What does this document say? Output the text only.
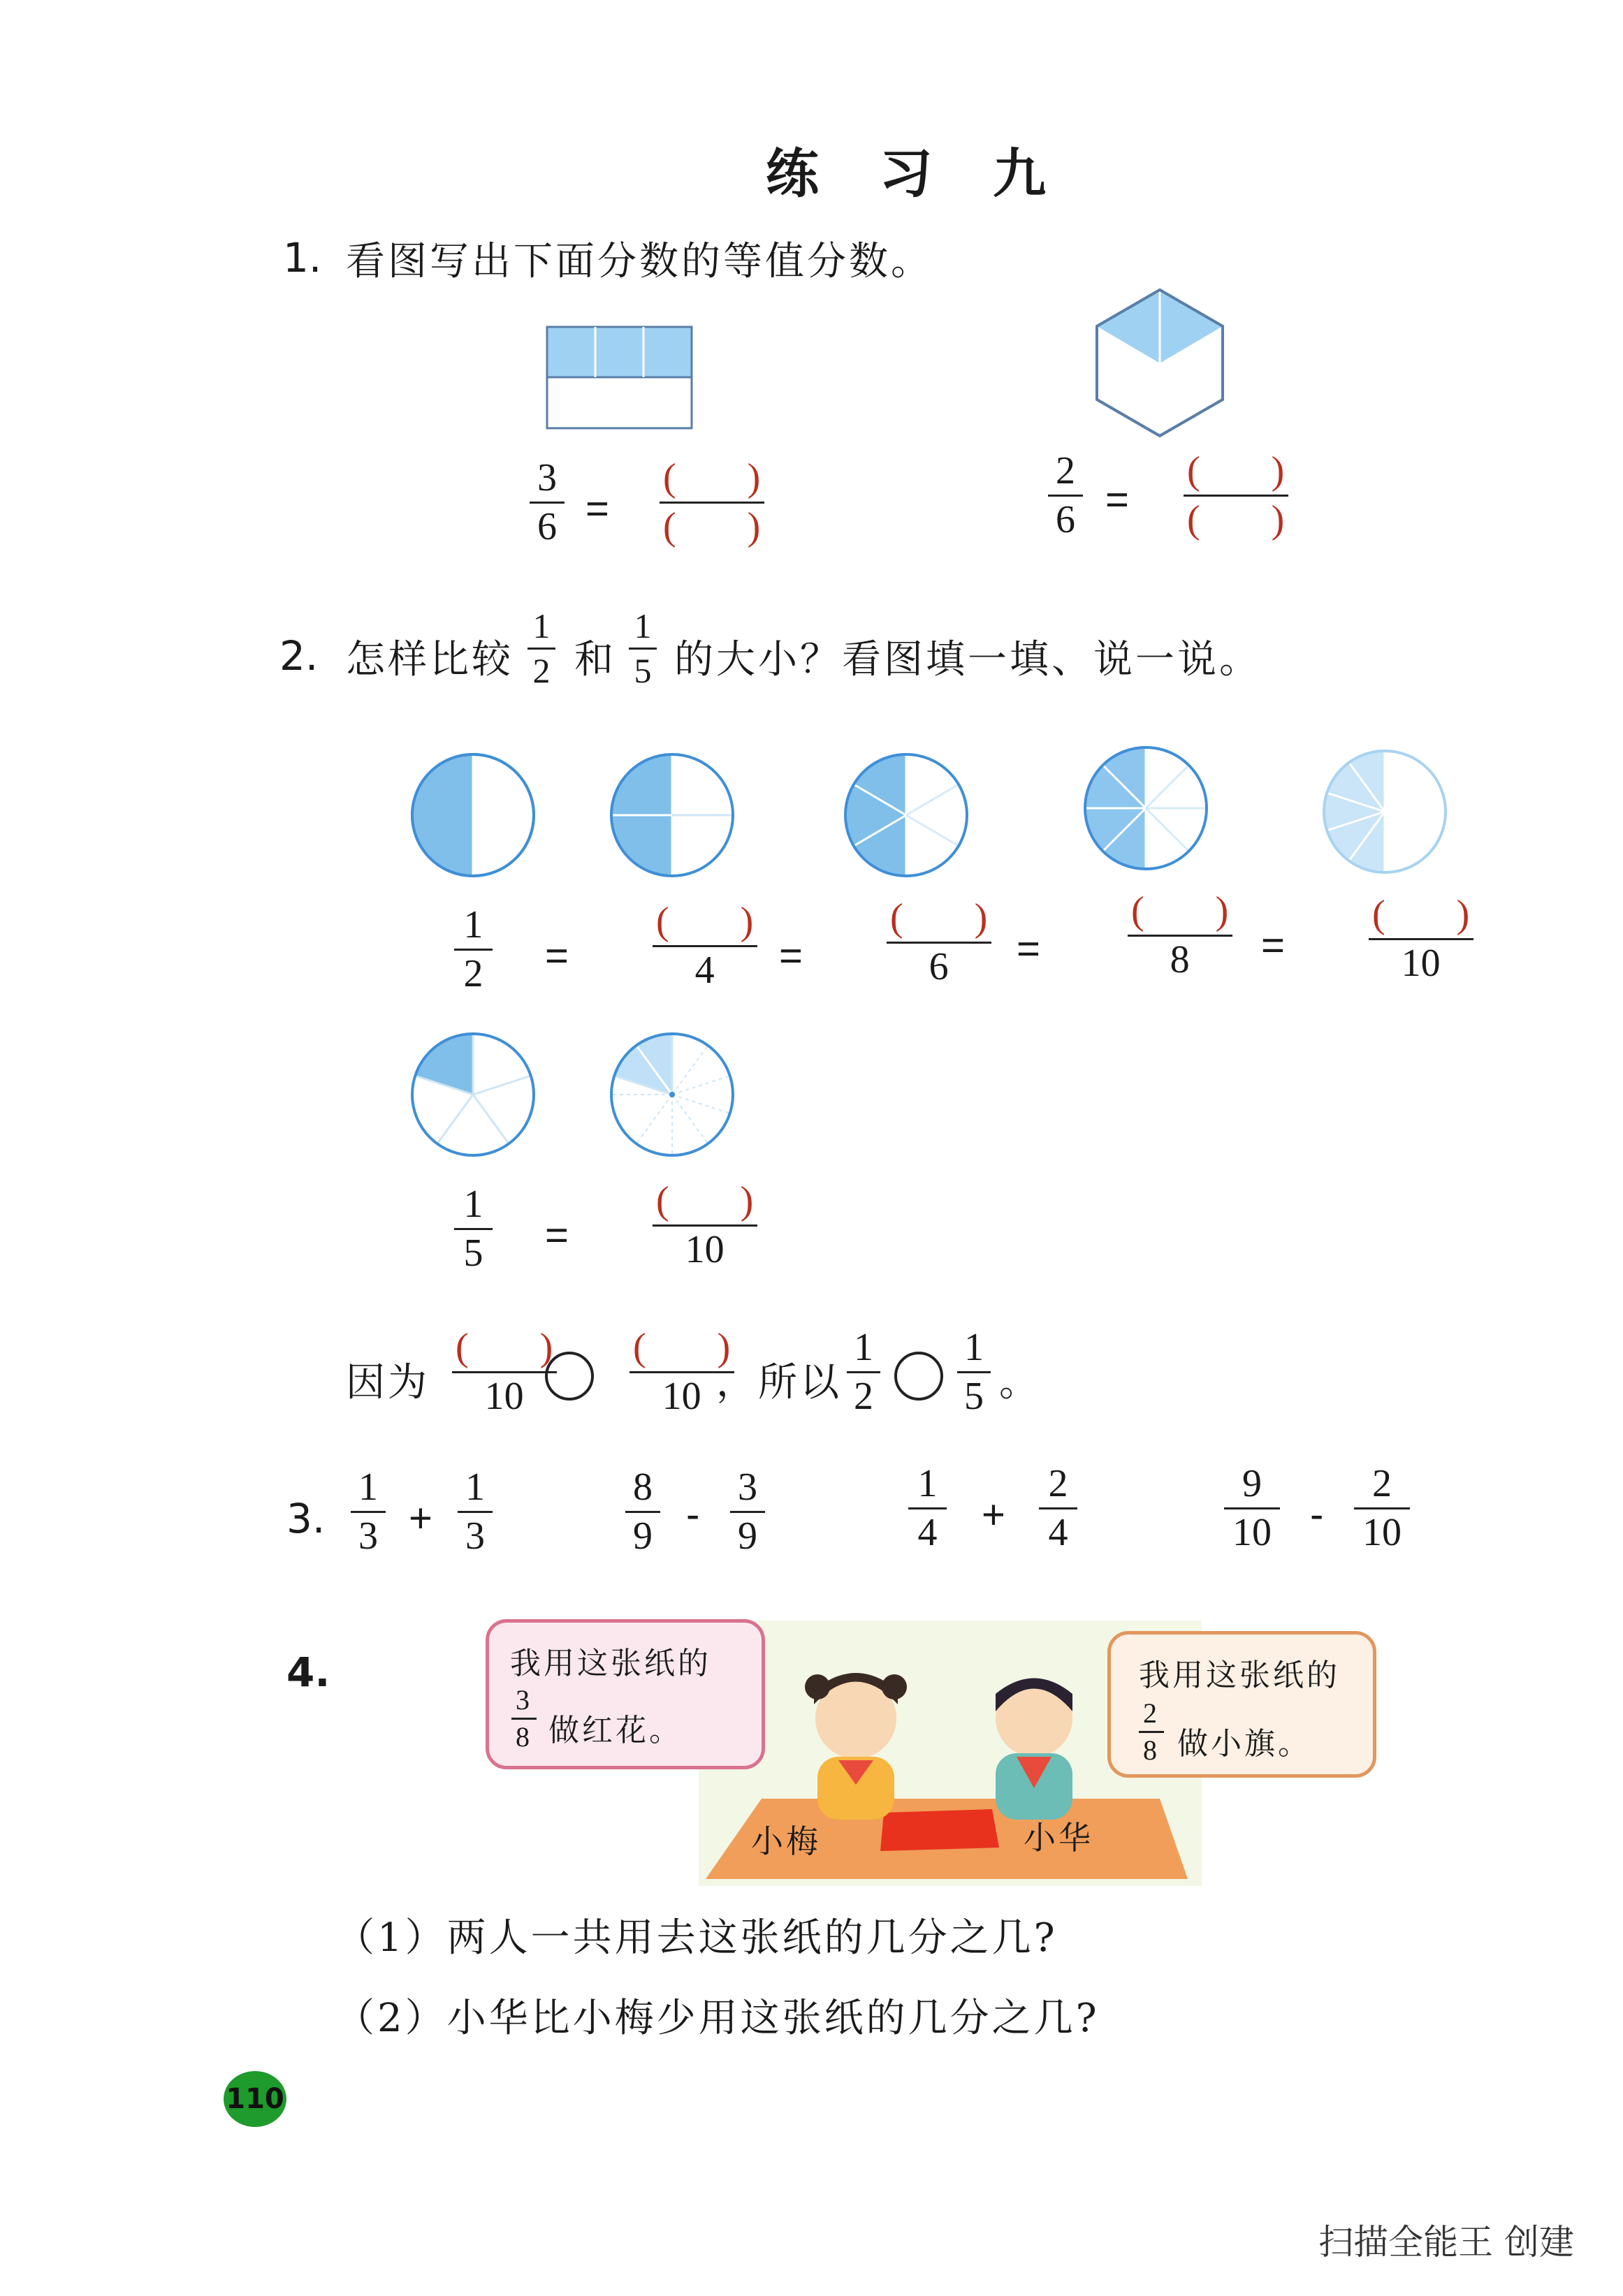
练 习 九
1. 看图写出下面分数的等值分数。
3
6 =
( )
( )
2
6 =
( )
( )
2. 怎样比较
1
2 和
1
5 的大小？看图填一填、说一说。
1
2 =
( )
4 =
( )
6 =
( )
8 =
( )
10
1
5 =
( )
10
因为
( )
10
( )
10 ，所以
1
2
1
5 。
3.
1
3 +
1
3
8
9 -
3
9
1
4 +
2
4
9
10 -
2
10
4.
小梅	小华
我用这张纸的
3
8 做红花。
我用这张纸的
2
8 做小旗。
（1）两人一共用去这张纸的几分之几?
（2）小华比小梅少用这张纸的几分之几?
110
扫描全能王 创建
